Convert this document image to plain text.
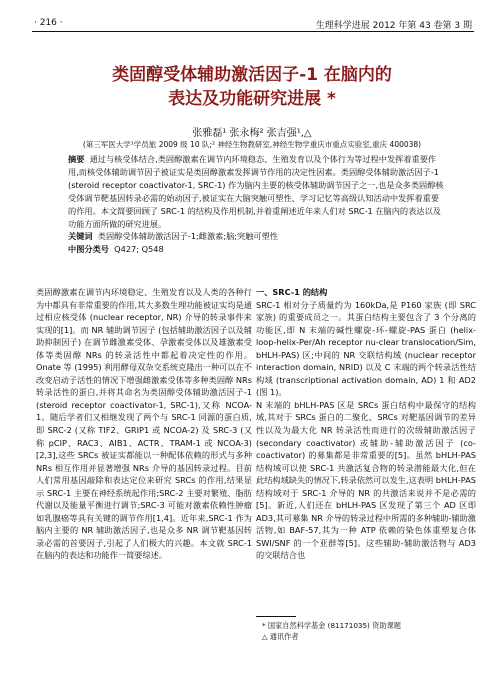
· 216 ·	生理科学进展 2012 年第 43 卷第 3 期
类固醇受体辅助激活因子-1 在脑内的
表达及功能研究进展 *
张雅磊¹ 张永梅² 张吉强¹,△
(第三军医大学¹学员旅 2009 级 10 队;² 神经生物教研室,神经生物学重庆市重点实验室,重庆 400038)

摘要 通过与核受体结合,类固醇激素在调节内环境稳态、生殖发育以及个体行为等过程中发挥着重要作用,而核受体辅助调节因子被证实是类固醇激素发挥调节作用的决定性因素。类固醇受体辅助激活因子-1 (steroid receptor coactivator-1, SRC-1) 作为脑内主要的核受体辅助调节因子之一,也是众多类固醇核受体调节靶基因转录必需的始动因子,被证实在大脑突触可塑性、学习记忆等高级认知活动中发挥着重要的作用。本文简要回顾了 SRC-1 的结构及作用机制,并着重阐述近年来人们对 SRC-1 在脑内的表达以及功能方面所做的研究进展。

关键词 类固醇受体辅助激活因子-1;雌激素;脑;突触可塑性

中图分类号 Q427; Q548

类固醇激素在调节内环境稳定、生殖发育以及人类的各种行为中都具有非常重要的作用,其大多数生理功能被证实均是通过相应核受体 (nuclear receptor, NR) 介导的转录事件来实现的[1]。而 NR 辅助调节因子 (包括辅助激活因子以及辅助抑制因子) 在调节雌激素受体、孕激素受体以及雄激素受体等类固醇 NRs 的转录活性中都起着决定性的作用。Onate 等 (1995) 利用酵母双杂交系统克隆出一种可以在不改变启动子活性的情况下增强雌激素受体等多种类固醇 NRs 转录活性的蛋白,并将其命名为类固醇受体辅助激活因子-1 (steroid receptor coactivator-1, SRC-1),又称 NCOA-1。随后学者们又相继发现了两个与 SRC-1 同源的蛋白质,即 SRC-2 (又称 TIF2、GRIP1 或 NCOA-2) 及 SRC-3 (又称 pCIP、RAC3、AIB1、ACTR、TRAM-1 或 NCOA-3)[2,3],这些 SRCs 被证实都能以一种配体依赖的形式与多种 NRs 相互作用并显著增强 NRs 介导的基因转录过程。目前人们常用基因敲除和表达定位来研究 SRCs 的作用,结果显示 SRC-1 主要在神经系统起作用;SRC-2 主要对繁殖、脂肪代谢以及能量平衡进行调节;SRC-3 可能对激素依赖性肿瘤如乳腺癌等具有关键的调节作用[1,4]。近年来,SRC-1 作为脑内主要的 NR 辅助激活因子,也是众多 NR 调节靶基因转录必需的首要因子,引起了人们极大的兴趣。本文就 SRC-1 在脑内的表达和功能作一简要综述。

一、SRC-1 的结构

SRC-1 相对分子质量约为 160kDa,是 P160 家族 (即 SRC 家族) 的重要成员之一。其蛋白结构主要包含了 3 个分离的功能区,即 N 末端的碱性螺旋-环-螺旋-PAS 蛋白 (helix-loop-helix-Per/Ah receptor nu-clear translocation/Sim, bHLH-PAS) 区;中间的 NR 交联结构域 (nuclear receptor interaction domain, NRID) 以及 C 末端的两个转录活性结构域 (transcriptional activation domain, AD) 1 和 AD2 (图 1)。

N 末端的 bHLH-PAS 区是 SRCs 蛋白结构中最保守的结构域,其对于 SRCs 蛋白的二聚化、SRCs 对靶基因调节的差异性以及为最大化 NR 转录活性而进行的次级辅助激活因子 (secondary coactivator) 或辅助-辅助激活因子 (co-coactivator) 的募集都是非常重要的[5]。虽然 bHLH-PAS 结构域可以使 SRC-1 共激活复合物的转录潜能最大化,但在此结构域缺失的情况下,转录依然可以发生,这表明 bHLH-PAS 结构域对于 SRC-1 介导的 NR 的共激活来说并不是必需的[5]。新近,人们还在 bHLH-PAS 区发现了第三个 AD 区即 AD3,其可募集 NR 介导的转录过程中所需的多种辅助-辅助激活物,如 BAF-57,其为一种 ATP 依赖的染色体重塑复合体 SWI/SNF 的一个亚群等[5]。这些辅助-辅助激活物与 AD3 的交联结合也

* 国家自然科学基金 (81171035) 资助课题
△ 通讯作者
